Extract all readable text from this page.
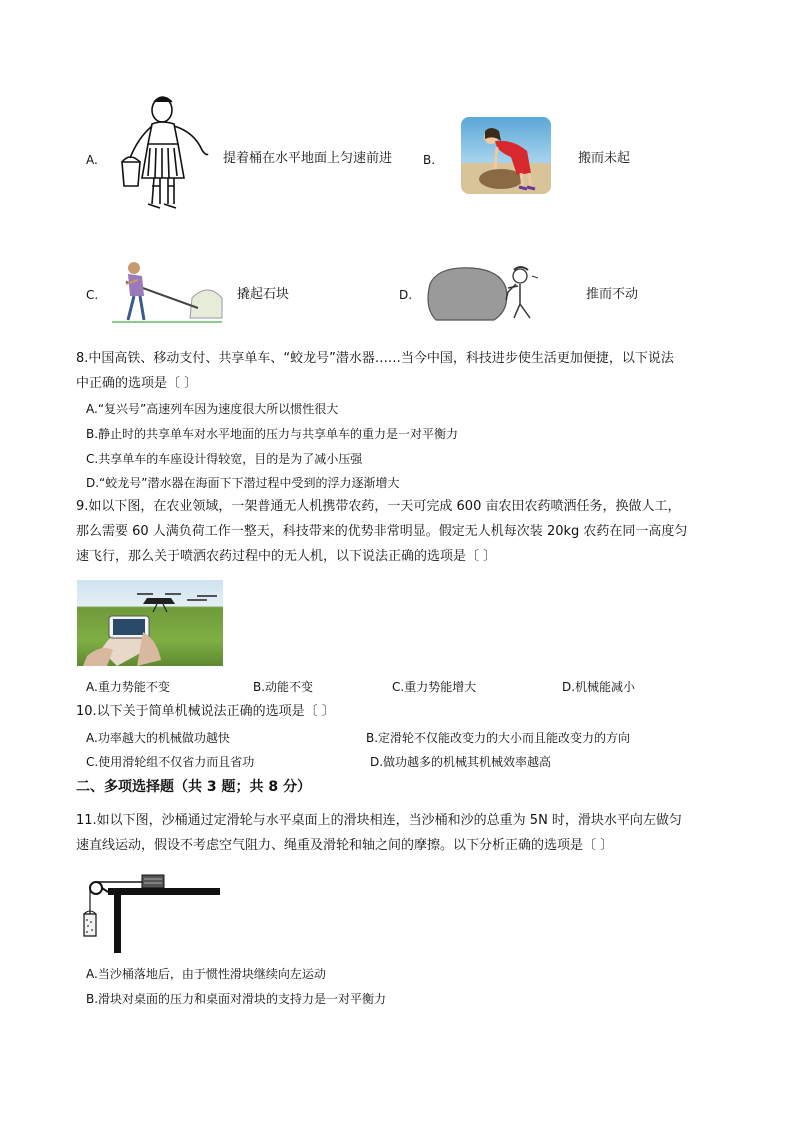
A.	提着桶在水平地面上匀速前进	B.	搬而未起
C.	撬起石块	D.	推而不动
8.中国高铁、移动支付、共享单车、“蛟龙号”潜水器……当今中国，科技进步使生活更加便捷，以下说法
中正确的选项是〔 〕
A.“复兴号”高速列车因为速度很大所以惯性很大
B.静止时的共享单车对水平地面的压力与共享单车的重力是一对平衡力
C.共享单车的车座设计得较宽，目的是为了减小压强
D.“蛟龙号”潜水器在海面下下潜过程中受到的浮力逐渐增大
9.如以下图，在农业领域，一架普通无人机携带农药，一天可完成 600 亩农田农药喷洒任务，换做人工，
那么需要 60 人满负荷工作一整天，科技带来的优势非常明显。假定无人机每次装 20kg 农药在同一高度匀
速飞行，那么关于喷洒农药过程中的无人机，以下说法正确的选项是〔 〕
A.重力势能不变	B.动能不变	C.重力势能增大	D.机械能减小
10.以下关于简单机械说法正确的选项是〔 〕
A.功率越大的机械做功越快	B.定滑轮不仅能改变力的大小而且能改变力的方向
C.使用滑轮组不仅省力而且省功	D.做功越多的机械其机械效率越高
二、多项选择题（共 3 题；共 8 分）
11.如以下图，沙桶通过定滑轮与水平桌面上的滑块相连，当沙桶和沙的总重为 5N 时，滑块水平向左做匀
速直线运动，假设不考虑空气阻力、绳重及滑轮和轴之间的摩擦。以下分析正确的选项是〔 〕
A.当沙桶落地后，由于惯性滑块继续向左运动
B.滑块对桌面的压力和桌面对滑块的支持力是一对平衡力
